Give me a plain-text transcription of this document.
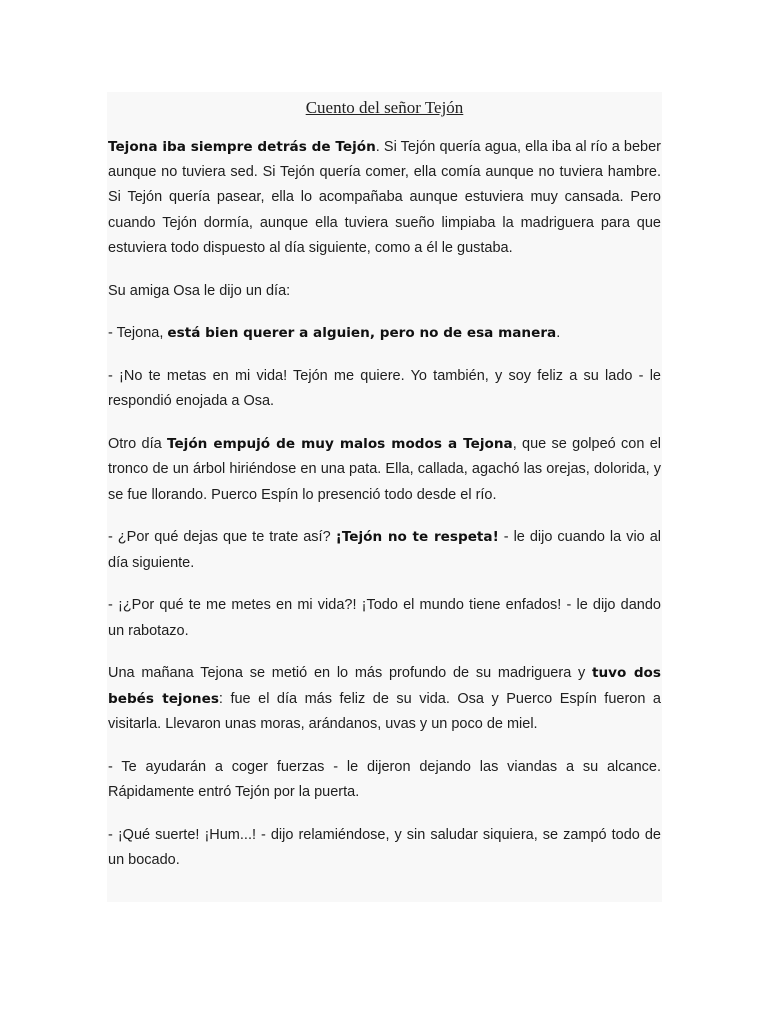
Cuento del señor Tejón

Tejona iba siempre detrás de Tejón. Si Tejón quería agua, ella iba al río a beber aunque no tuviera sed. Si Tejón quería comer, ella comía aunque no tuviera hambre. Si Tejón quería pasear, ella lo acompañaba aunque estuviera muy cansada. Pero cuando Tejón dormía, aunque ella tuviera sueño limpiaba la madriguera para que estuviera todo dispuesto al día siguiente, como a él le gustaba.

Su amiga Osa le dijo un día:

- Tejona, está bien querer a alguien, pero no de esa manera.

- ¡No te metas en mi vida! Tejón me quiere. Yo también, y soy feliz a su lado - le respondió enojada a Osa.

Otro día Tejón empujó de muy malos modos a Tejona, que se golpeó con el tronco de un árbol hiriéndose en una pata. Ella, callada, agachó las orejas, dolorida, y se fue llorando. Puerco Espín lo presenció todo desde el río.

- ¿Por qué dejas que te trate así? ¡Tejón no te respeta! - le dijo cuando la vio al día siguiente.

- ¡¿Por qué te me metes en mi vida?! ¡Todo el mundo tiene enfados! - le dijo dando un rabotazo.

Una mañana Tejona se metió en lo más profundo de su madriguera y tuvo dos bebés tejones: fue el día más feliz de su vida. Osa y Puerco Espín fueron a visitarla. Llevaron unas moras, arándanos, uvas y un poco de miel.

- Te ayudarán a coger fuerzas - le dijeron dejando las viandas a su alcance. Rápidamente entró Tejón por la puerta.

- ¡Qué suerte! ¡Hum...! - dijo relamiéndose, y sin saludar siquiera, se zampó todo de un bocado.
